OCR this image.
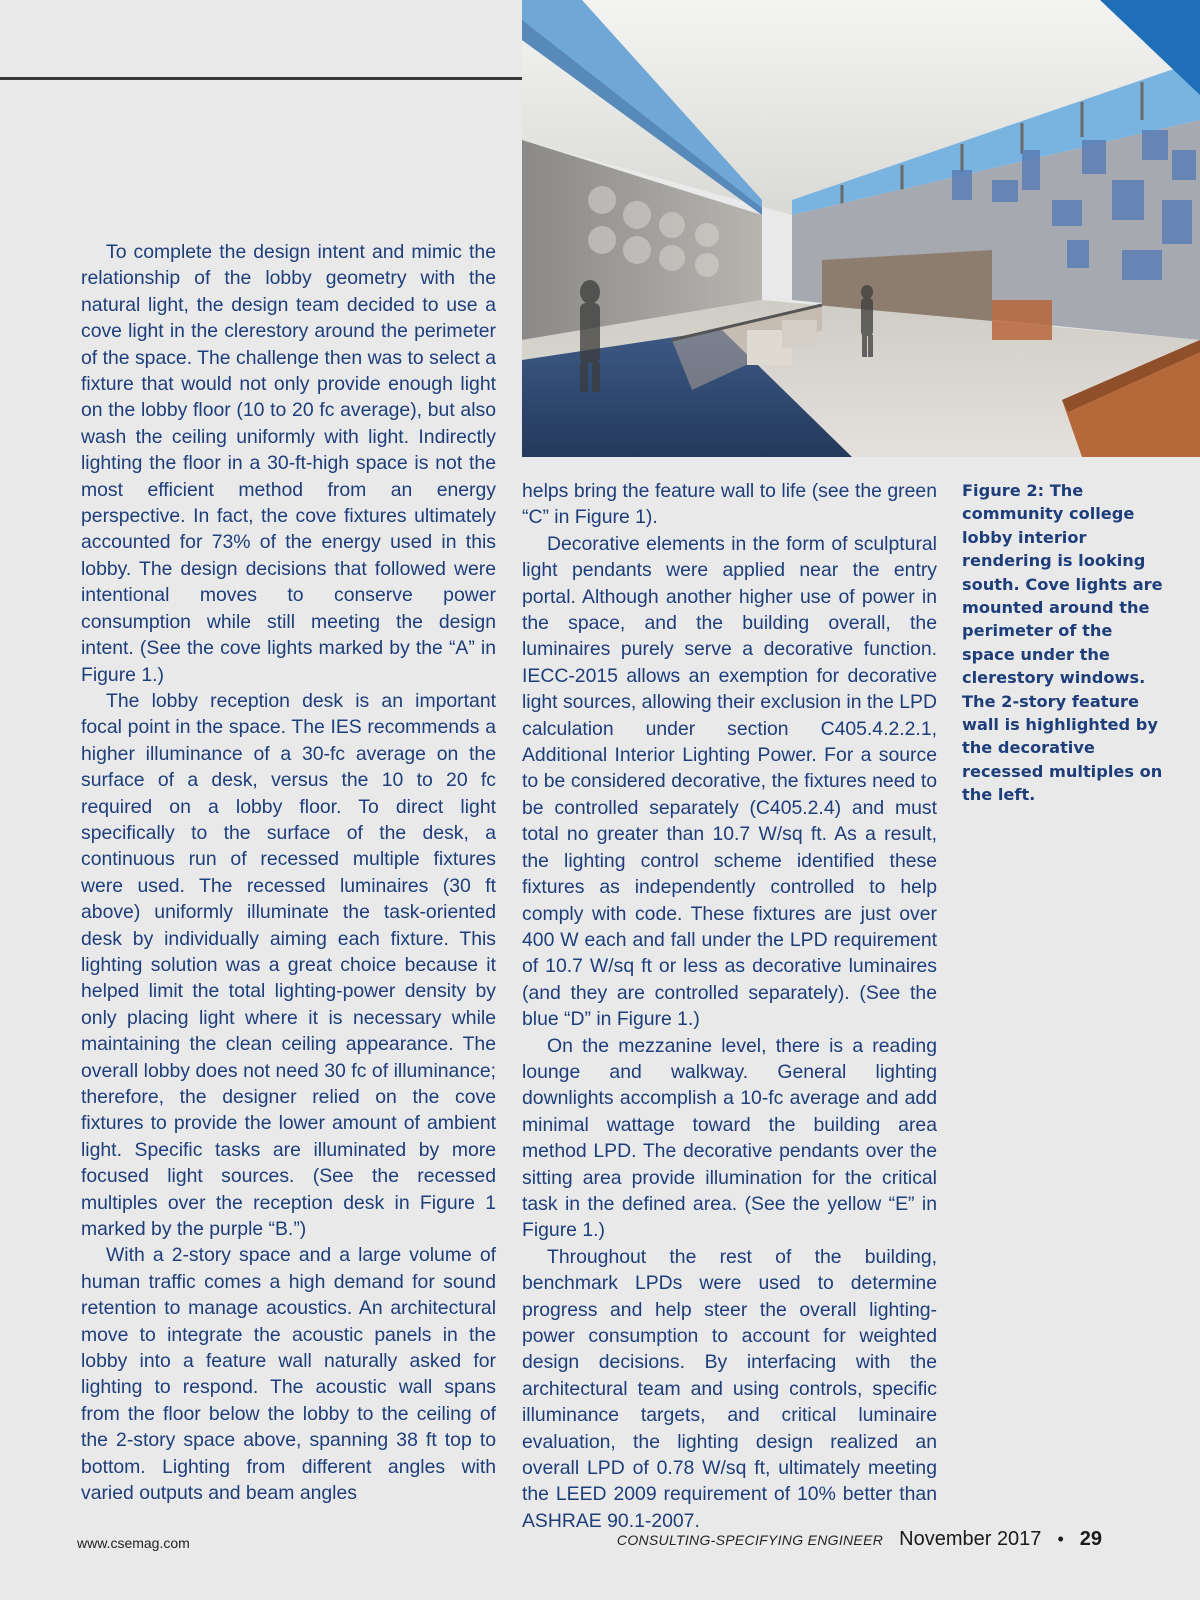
To complete the design intent and mimic the relationship of the lobby geometry with the natural light, the design team decided to use a cove light in the clerestory around the perimeter of the space. The challenge then was to select a fixture that would not only provide enough light on the lobby floor (10 to 20 fc average), but also wash the ceiling uniformly with light. Indirectly lighting the floor in a 30-ft-high space is not the most efficient method from an energy perspective. In fact, the cove fixtures ultimately accounted for 73% of the energy used in this lobby. The design decisions that followed were intentional moves to conserve power consumption while still meeting the design intent. (See the cove lights marked by the “A” in Figure 1.)

The lobby reception desk is an important focal point in the space. The IES recommends a higher illuminance of a 30-fc average on the surface of a desk, versus the 10 to 20 fc required on a lobby floor. To direct light specifically to the surface of the desk, a continuous run of recessed multiple fixtures were used. The recessed luminaires (30 ft above) uniformly illuminate the task-oriented desk by individually aiming each fixture. This lighting solution was a great choice because it helped limit the total lighting-power density by only placing light where it is necessary while maintaining the clean ceiling appearance. The overall lobby does not need 30 fc of illuminance; therefore, the designer relied on the cove fixtures to provide the lower amount of ambient light. Specific tasks are illuminated by more focused light sources. (See the recessed multiples over the reception desk in Figure 1 marked by the purple “B.”)

With a 2-story space and a large volume of human traffic comes a high demand for sound retention to manage acoustics. An architectural move to integrate the acoustic panels in the lobby into a feature wall naturally asked for lighting to respond. The acoustic wall spans from the floor below the lobby to the ceiling of the 2-story space above, spanning 38 ft top to bottom. Lighting from different angles with varied outputs and beam angles

helps bring the feature wall to life (see the green “C” in Figure 1).

Decorative elements in the form of sculptural light pendants were applied near the entry portal. Although another higher use of power in the space, and the building overall, the luminaires purely serve a decorative function. IECC-2015 allows an exemption for decorative light sources, allowing their exclusion in the LPD calculation under section C405.4.2.2.1, Additional Interior Lighting Power. For a source to be considered decorative, the fixtures need to be controlled separately (C405.2.4) and must total no greater than 10.7 W/sq ft. As a result, the lighting control scheme identified these fixtures as independently controlled to help comply with code. These fixtures are just over 400 W each and fall under the LPD requirement of 10.7 W/sq ft or less as decorative luminaires (and they are controlled separately). (See the blue “D” in Figure 1.)

On the mezzanine level, there is a reading lounge and walkway. General lighting downlights accomplish a 10-fc average and add minimal wattage toward the building area method LPD. The decorative pendants over the sitting area provide illumination for the critical task in the defined area. (See the yellow “E” in Figure 1.)

Throughout the rest of the building, benchmark LPDs were used to determine progress and help steer the overall lighting-power consumption to account for weighted design decisions. By interfacing with the architectural team and using controls, specific illuminance targets, and critical luminaire evaluation, the lighting design realized an overall LPD of 0.78 W/sq ft, ultimately meeting the LEED 2009 requirement of 10% better than ASHRAE 90.1-2007.

Figure 2: The community college lobby interior rendering is looking south. Cove lights are mounted around the perimeter of the space under the clerestory windows. The 2-story feature wall is highlighted by the decorative recessed multiples on the left.
www.csemag.com	CONSULTING-SPECIFYING ENGINEER November 2017 • 29
